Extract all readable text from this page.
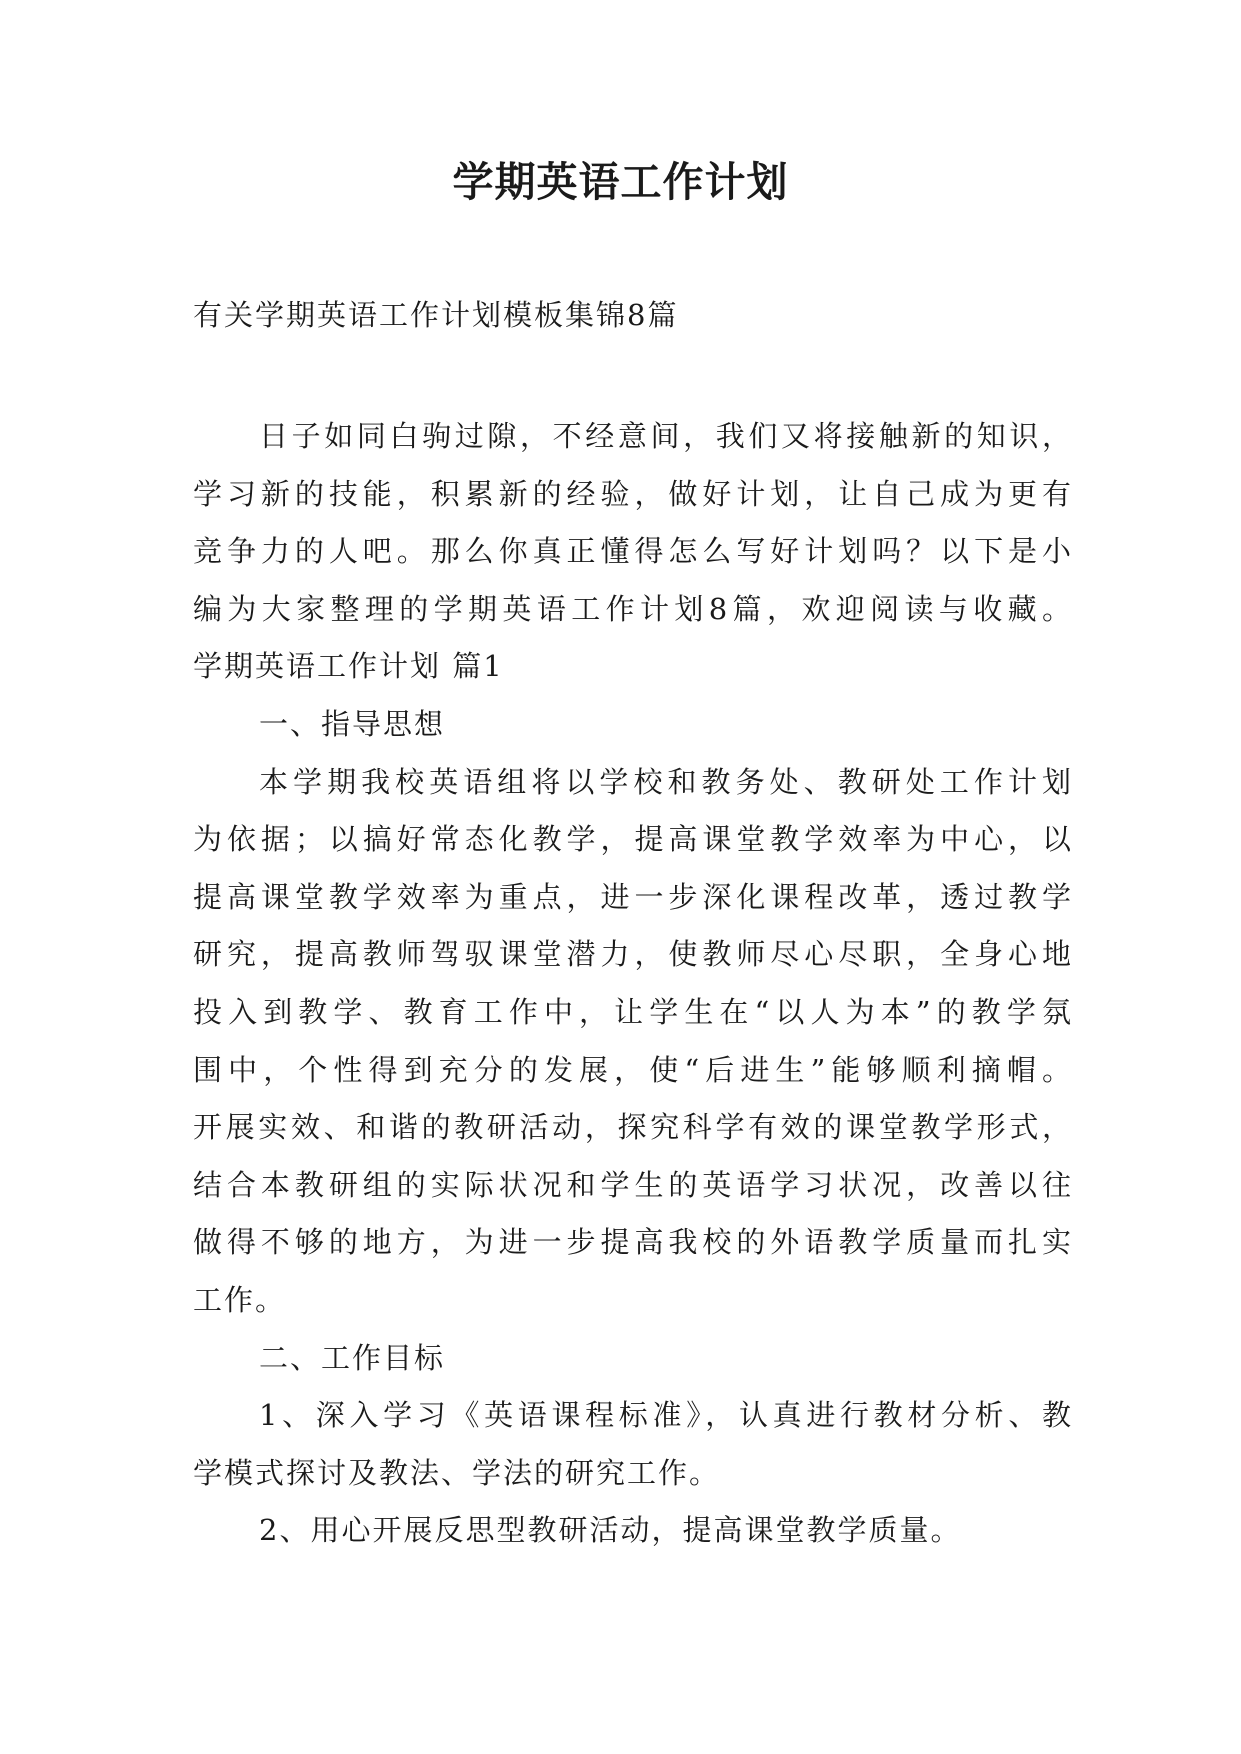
学期英语工作计划
有关学期英语工作计划模板集锦8篇
日子如同白驹过隙，不经意间，我们又将接触新的知识，
学习新的技能，积累新的经验，做好计划，让自己成为更有
竞争力的人吧。那么你真正懂得怎么写好计划吗？以下是小
编为大家整理的学期英语工作计划8篇，欢迎阅读与收藏。
学期英语工作计划 篇1
一、指导思想
本学期我校英语组将以学校和教务处、教研处工作计划
为依据；以搞好常态化教学，提高课堂教学效率为中心，以
提高课堂教学效率为重点，进一步深化课程改革，透过教学
研究，提高教师驾驭课堂潜力，使教师尽心尽职，全身心地
投入到教学、教育工作中，让学生在“以人为本”的教学氛
围中，个性得到充分的发展，使“后进生”能够顺利摘帽。
开展实效、和谐的教研活动，探究科学有效的课堂教学形式，
结合本教研组的实际状况和学生的英语学习状况，改善以往
做得不够的地方，为进一步提高我校的外语教学质量而扎实
工作。
二、工作目标
1、深入学习《英语课程标准》，认真进行教材分析、教
学模式探讨及教法、学法的研究工作。
2、用心开展反思型教研活动，提高课堂教学质量。
